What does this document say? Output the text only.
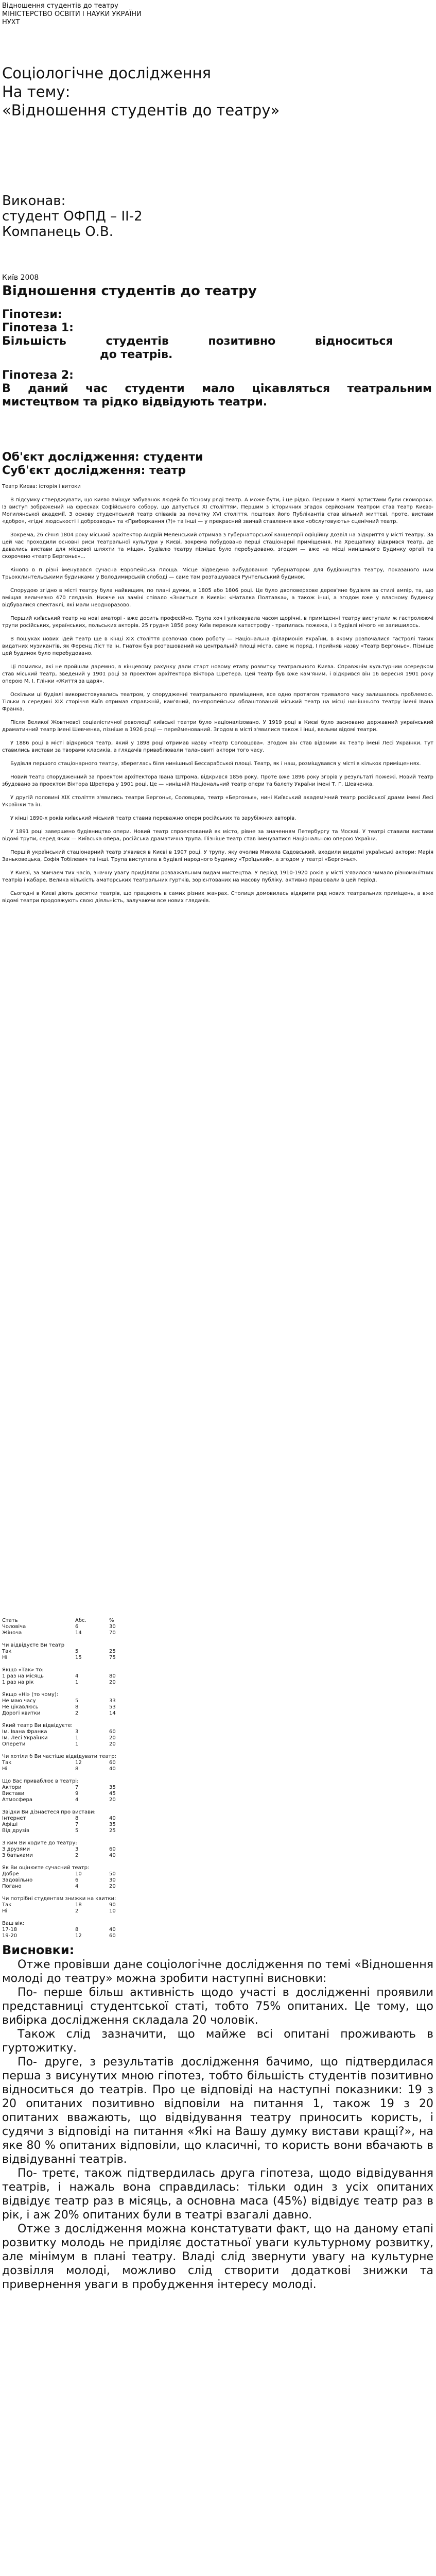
Відношення студентів до театру

МІНІСТЕРСТВО ОСВІТИ І НАУКИ УКРАЇНИ

НУХТ

Соціологічне дослідження

На тему:

«Відношення студентів до театру»

Виконав:

студент ОФПД – ІІ-2

Компанець О.В.

Київ 2008

Відношення студентів до театру

Гіпотези:

Гіпотеза 1:

Більшість          студентів          позитивно          відноситься

до театрів.

Гіпотеза 2:

В даний час студенти мало цікавляться театральним мистецтвом та рідко відвідують театри.

Об'єкт дослідження: студенти

Суб'єкт дослідження: театр

Театр Києва: історія і витоки

В підсумку стверджувати, що києво вміщує забуванок людей бо тісному ряді театр. А може бути, і це рідко. Першим в Києві артистами були скоморохи. Із виступ зображений на фресках Софійського собору, що датується XI століттям. Першим з історичних згадок серйозним театром став театр Києво-Могилянської академії. З основу студентський театр співаків за початку XVI століття, поштовх його Публікантів став вільний життєві, проте, вистави «добро», «гідні людськості і доброзводь» та «Приборкання (?)» та інші — у прекрасний звичай ставлення вже «обслуговують» сценічний театр.

Зокрема, 26 січня 1804 року міський архітектор Андрій Меленський отримав з губернаторської канцелярії офіційну дозвіл на відкриття у місті театру. За цей час проходили основні риси театральної культури у Києві, зокрема побудовано перші стаціонарні приміщення. На Хрещатику відкрився театр, де давались вистави для місцевої шляхти та міщан. Будівлю театру пізніше було перебудовано, згодом — вже на місці нинішнього Будинку оргаії та скорочено «театр Бергоньє»...

Кінопо в п різні іменувався сучасна Європейська площа. Місце відведено вибудовання губернатором для будівництва театру, показаного ним Трьохклинтельськими будинками у Володимирській слободі — саме там розташувався Рунтельський будинок.

Спорудою згідно в місті театру була найвищим, по плані думки, в 1805 або 1806 році. Це було двоповерхове дерев'яне будівля за стилі ампір, та, що вміщав величезно 470 глядачів. Нижче на заміні співало «Знається в Києві»: «Наталка Полтавка», а також інші, а згодом вже у власному будинку відбувалися спектаклі, які мали неодноразово.

Перший київський театр на нові аматорі - вже досить професійно. Трупа хоч і уліковувала часом щорічні, в приміщенні театру виступали ж гастролюючі трупи російських, українських, польських акторів. 25 грудня 1856 року Київ пережив катастрофу - трапилась пожежа, і з будівлі нічого не залишилось.

В пошуках нових ідей театр ще в кінці XIX століття розпочав свою роботу — Національна філармонія України, в якому розпочалися гастролі таких видатних музикантів, як Ференц Ліст та ін. Гнатон був розташований на центральній площі міста, саме ж поряд. І прийняв назву «Театр Бергоньє». Пізніше цей будинок було перебудовано.

Ці помилки, які не пройшли даремно, в кінцевому рахунку дали старт новому етапу розвитку театрального Києва. Справжнім культурним осередком став міський театр, зведений у 1901 році за проектом архітектора Віктора Шретера. Цей театр був вже кам'яним, і відкрився він 16 вересня 1901 року оперою М. І. Глінки «Життя за царя».

Оскільки ці будівлі використовувались театром, у спорудженні театрального приміщення, все одно протягом тривалого часу залишалось проблемою. Тільки в середині XIX сторіччя Київ отримав справжній, кам'яний, по-європейськи облаштований міський театр на місці нинішнього театру імені Івана Франка.

Після Великої Жовтневої соціалістичної революції київські театри було націоналізовано. У 1919 році в Києві було засновано державний український драматичний театр імені Шевченка, пізніше в 1926 році — перейменований. Згодом в місті з'явилися також і інші, вельми відомі театри.

У 1886 році в місті відкрився театр, який у 1898 році отримав назву «Театр Соловцова». Згодом він став відомим як Театр імені Лесі Українки. Тут ставились вистави за творами класиків, а глядачів приваблювали талановиті актори того часу.

Будівля першого стаціонарного театру, збереглась біля нинішньої Бессарабської площі. Театр, як і наш, розміщувався у місті в кількох приміщеннях.

Новий театр спорудженний за проектом архітектора Івана Штрома, відкрився 1856 року. Проте вже 1896 року згорів у результаті пожежі. Новий театр збудовано за проектом Віктора Шретера у 1901 році. Це — нинішній Національний театр опери та балету України імені Т. Г. Шевченка.

У другій половині XIX століття з'явились театри Бергоньє, Соловцова, театр «Бергоньє», нині Київський академічний театр російської драми імені Лесі Українки та ін.

У кінці 1890-х років київський міський театр ставив переважно опери російських та зарубіжних авторів.

У 1891 році завершено будівництво опери. Новий театр спроектований як місто, рівне за значенням Петербургу та Москві. У театрі ставили вистави відомі трупи, серед яких — Київська опера, російська драматична трупа. Пізніше театр став іменуватися Національною оперою України.

Першій український стаціонарний театр з'явився в Києві в 1907 році. У трупу, яку очолив Микола Садовський, входили видатні українські актори: Марія Заньковецька, Софія Тобілевич та інші. Трупа виступала в будівлі народного будинку «Троїцький», а згодом у театрі «Бергоньє».

У Києві, за звичаєм тих часів, значну увагу приділяли розважальним видам мистецтва. У період 1910-1920 років у місті з'явилося чимало різноманітних театрів і кабаре. Велика кількість аматорських театральних гуртків, зорієнтованих на масову публіку, активно працювали в цей період.

Сьогодні в Києві діють десятки театрів, що працюють в самих різних жанрах. Столиця домовилась відкрити ряд нових театральних приміщень, а вже відомі театри продовжують свою діяльність, залучаючи все нових глядачів.

Стать	Абс.	%
Чоловіча	6	30
Жіноча	14	70
Чи відвідуєте Ви театр
Так	5	25
Ні	15	75
Якщо «Так» то:
1 раз на місяць	4	80
1 раз на рік	1	20
Якщо «Ні» (то чому):
Не маю часу	5	33
Не цікавлюсь	8	53
Дорогі квитки	2	14
Який театр Ви відвідуєте:
Ім. Івана Франка	3	60
Ім. Лесі Українки	1	20
Оперети	1	20
Чи хотіли б Ви частіше відвідувати театр:
Так	12	60
Ні	8	40
Що Вас приваблює в театрі:
Актори	7	35
Вистави	9	45
Атмосфера	4	20
Звідки Ви дізнаєтеся про вистави:
Інтернет	8	40
Афіші	7	35
Від друзів	5	25
З ким Ви ходите до театру:
З друзями	3	60
З батьками	2	40
Як Ви оцінюєте сучасний театр:
Добре	10	50
Задовільно	6	30
Погано	4	20
Чи потрібні студентам знижки на квитки:
Так	18	90
Ні	2	10
Ваш вік:
17-18	8	40
19-20	12	60

Висновки:

Отже провівши дане соціологічне дослідження по темі «Відношення молоді до театру» можна зробити наступні висновки:

По- перше більш активність щодо участі в дослідженні проявили представниці студентської статі, тобто 75% опитаних. Це тому, що вибірка дослідження складала 20 чоловік.

Також слід зазначити, що майже всі опитані проживають в гуртожитку.

По- друге, з результатів дослідження бачимо, що підтвердилася перша з висунутих мною гіпотез, тобто більшість студентів позитивно відноситься до театрів. Про це відповіді на наступні показники: 19 з 20 опитаних позитивно відповіли на питання 1, також 19 з 20 опитаних вважають, що відвідування театру приносить користь, і судячи з відповіді на питання «Які на Вашу думку вистави кращі?», на яке 80 % опитаних відповіли, що класичні, то користь вони вбачають в відвідуванні театрів.

По- третє, також підтвердилась друга гіпотеза, щодо відвідування театрів, і нажаль вона справдилась: тільки один з усіх опитаних відвідує театр раз в місяць, а основна маса (45%) відвідує театр раз в рік, і аж 20% опитаних були в театрі взагалі давно.

Отже з дослідження можна констатувати факт, що на даному етапі розвитку молодь не приділяє достатньої уваги культурному розвитку, але мінімум в плані театру. Владі слід звернути увагу на культурне дозвілля молоді, можливо слід створити додаткові знижки та привернення уваги в пробудження інтересу молоді.
